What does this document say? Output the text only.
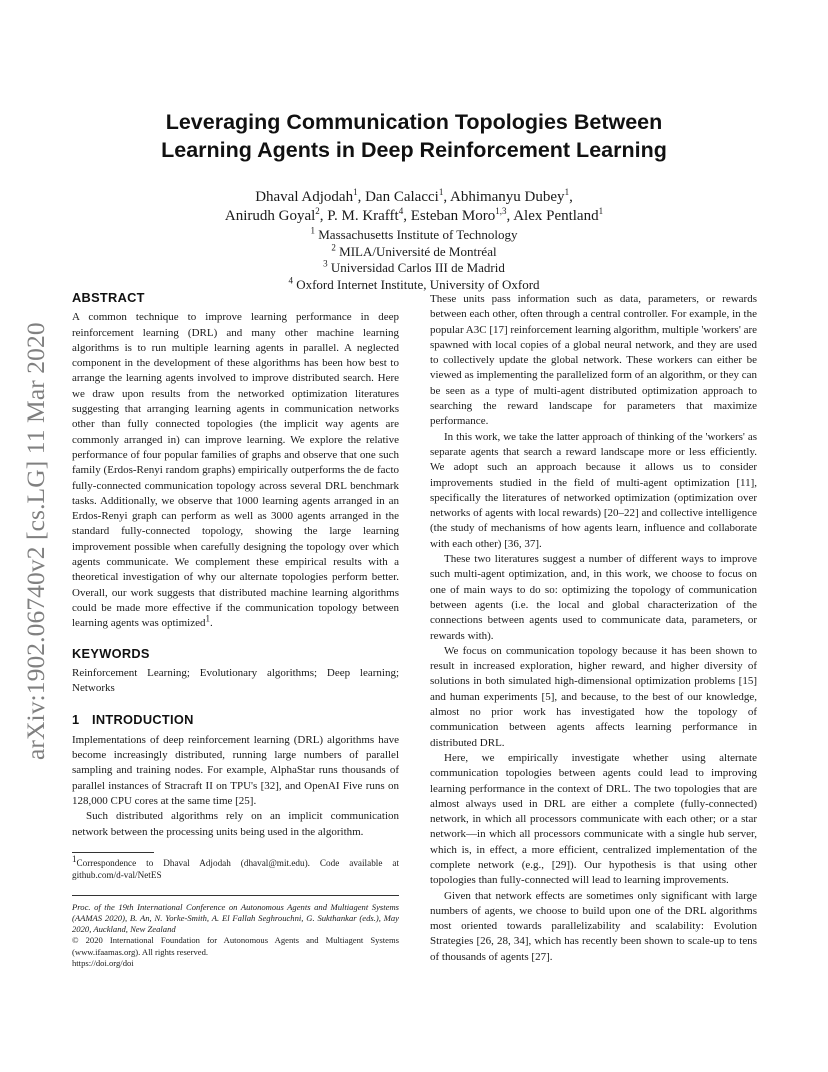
arXiv:1902.06740v2 [cs.LG] 11 Mar 2020
Leveraging Communication Topologies Between
Learning Agents in Deep Reinforcement Learning
Dhaval Adjodah$^1$, Dan Calacci$^1$, Abhimanyu Dubey$^1$,
Anirudh Goyal$^2$, P. M. Krafft$^4$, Esteban Moro$^{1,3}$, Alex Pentland$^1$
$^1$ Massachusetts Institute of Technology
$^2$ MILA/Université de Montréal
$^3$ Universidad Carlos III de Madrid
$^4$ Oxford Internet Institute, University of Oxford
ABSTRACT

A common technique to improve learning performance in deep reinforcement learning (DRL) and many other machine learning algorithms is to run multiple learning agents in parallel. A neglected component in the development of these algorithms has been how best to arrange the learning agents involved to improve distributed search. Here we draw upon results from the networked optimization literatures suggesting that arranging learning agents in communication networks other than fully connected topologies (the implicit way agents are commonly arranged in) can improve learning. We explore the relative performance of four popular families of graphs and observe that one such family (Erdos-Renyi random graphs) empirically outperforms the de facto fully-connected communication topology across several DRL benchmark tasks. Additionally, we observe that 1000 learning agents arranged in an Erdos-Renyi graph can perform as well as 3000 agents arranged in the standard fully-connected topology, showing the large learning improvement possible when carefully designing the topology over which agents communicate. We complement these empirical results with a theoretical investigation of why our alternate topologies perform better. Overall, our work suggests that distributed machine learning algorithms could be made more effective if the communication topology between learning agents was optimized$^1$.

KEYWORDS

Reinforcement Learning; Evolutionary algorithms; Deep learning; Networks

1 INTRODUCTION

Implementations of deep reinforcement learning (DRL) algorithms have become increasingly distributed, running large numbers of parallel sampling and training nodes. For example, AlphaStar runs thousands of parallel instances of Stracraft II on TPU's [32], and OpenAI Five runs on 128,000 CPU cores at the same time [25].

Such distributed algorithms rely on an implicit communication network between the processing units being used in the algorithm.

$^1$Correspondence to Dhaval Adjodah (dhaval@mit.edu). Code available at github.com/d-val/NetES
Proc. of the 19th International Conference on Autonomous Agents and Multiagent Systems (AAMAS 2020), B. An, N. Yorke-Smith, A. El Fallah Seghrouchni, G. Sukthankar (eds.), May 2020, Auckland, New Zealand
© 2020 International Foundation for Autonomous Agents and Multiagent Systems (www.ifaamas.org). All rights reserved.
https://doi.org/doi

These units pass information such as data, parameters, or rewards between each other, often through a central controller. For example, in the popular A3C [17] reinforcement learning algorithm, multiple 'workers' are spawned with local copies of a global neural network, and they are used to collectively update the global network. These workers can either be viewed as implementing the parallelized form of an algorithm, or they can be seen as a type of multi-agent distributed optimization approach to searching the reward landscape for parameters that maximize performance.

In this work, we take the latter approach of thinking of the 'workers' as separate agents that search a reward landscape more or less efficiently. We adopt such an approach because it allows us to consider improvements studied in the field of multi-agent optimization [11], specifically the literatures of networked optimization (optimization over networks of agents with local rewards) [20–22] and collective intelligence (the study of mechanisms of how agents learn, influence and collaborate with each other) [36, 37].

These two literatures suggest a number of different ways to improve such multi-agent optimization, and, in this work, we choose to focus on one of main ways to do so: optimizing the topology of communication between agents (i.e. the local and global characterization of the connections between agents used to communicate data, parameters, or rewards with).

We focus on communication topology because it has been shown to result in increased exploration, higher reward, and higher diversity of solutions in both simulated high-dimensional optimization problems [15] and human experiments [5], and because, to the best of our knowledge, almost no prior work has investigated how the topology of communication between agents affects learning performance in distributed DRL.

Here, we empirically investigate whether using alternate communication topologies between agents could lead to improving learning performance in the context of DRL. The two topologies that are almost always used in DRL are either a complete (fully-connected) network, in which all processors communicate with each other; or a star network—in which all processors communicate with a single hub server, which is, in effect, a more efficient, centralized implementation of the complete network (e.g., [29]). Our hypothesis is that using other topologies than fully-connected will lead to learning improvements.

Given that network effects are sometimes only significant with large numbers of agents, we choose to build upon one of the DRL algorithms most oriented towards parallelizability and scalability: Evolution Strategies [26, 28, 34], which has recently been shown to scale-up to tens of thousands of agents [27].
